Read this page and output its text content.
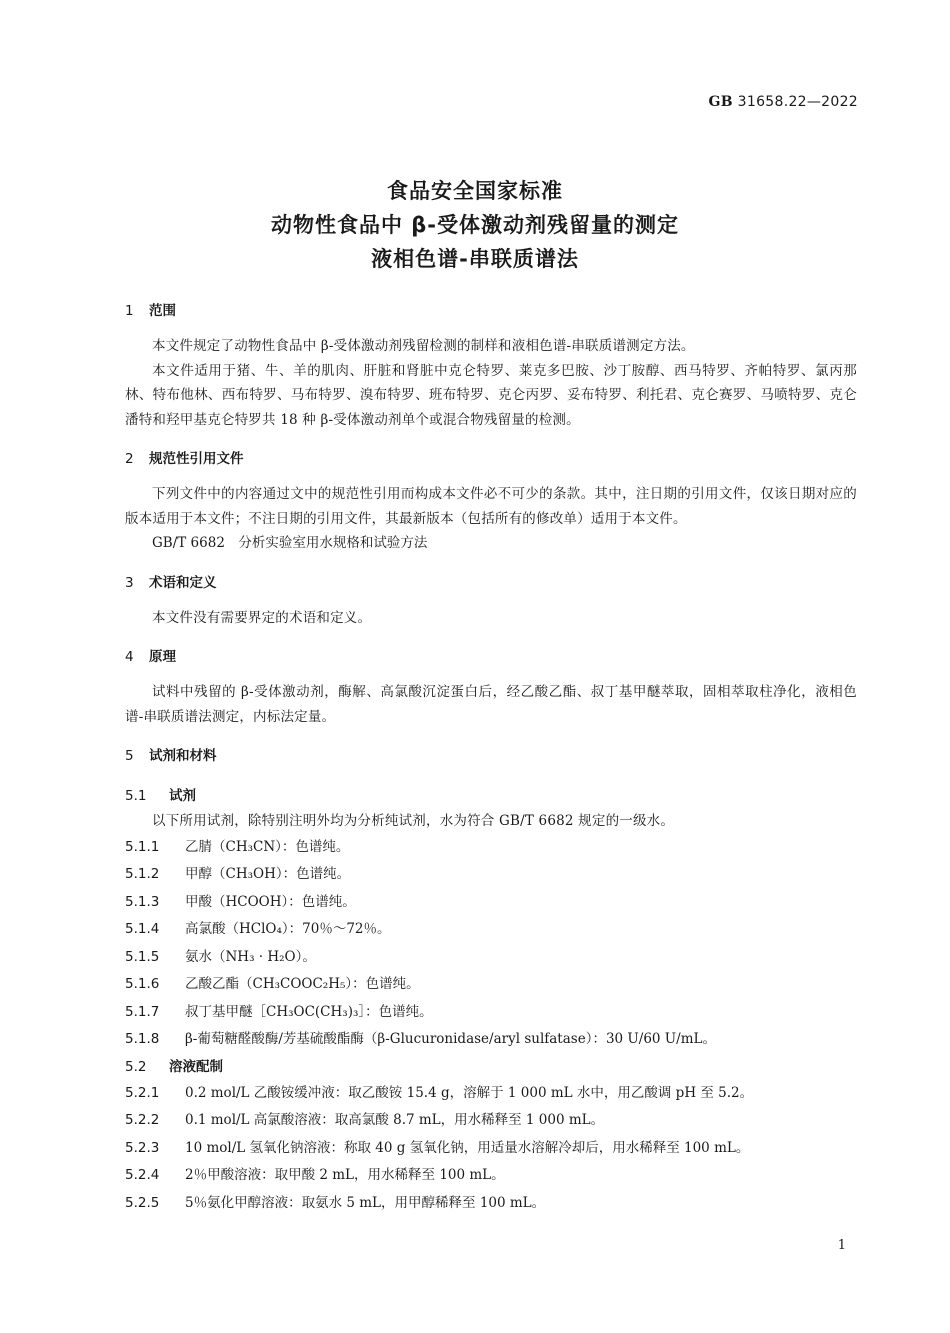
GB 31658.22—2022
食品安全国家标准
动物性食品中 β-受体激动剂残留量的测定
液相色谱-串联质谱法
1 范围

本文件规定了动物性食品中 β-受体激动剂残留检测的制样和液相色谱-串联质谱测定方法。

本文件适用于猪、牛、羊的肌肉、肝脏和肾脏中克仑特罗、莱克多巴胺、沙丁胺醇、西马特罗、齐帕特罗、氯丙那林、特布他林、西布特罗、马布特罗、溴布特罗、班布特罗、克仑丙罗、妥布特罗、利托君、克仑赛罗、马喷特罗、克仑潘特和羟甲基克仑特罗共 18 种 β-受体激动剂单个或混合物残留量的检测。

2 规范性引用文件

下列文件中的内容通过文中的规范性引用而构成本文件必不可少的条款。其中，注日期的引用文件，仅该日期对应的版本适用于本文件；不注日期的引用文件，其最新版本（包括所有的修改单）适用于本文件。

GB/T 6682　分析实验室用水规格和试验方法
3 术语和定义

本文件没有需要界定的术语和定义。

4 原理

试料中残留的 β-受体激动剂，酶解、高氯酸沉淀蛋白后，经乙酸乙酯、叔丁基甲醚萃取，固相萃取柱净化，液相色谱-串联质谱法测定，内标法定量。

5 试剂和材料
5.1 试剂

以下所用试剂，除特别注明外均为分析纯试剂，水为符合 GB/T 6682 规定的一级水。

5.1.1	乙腈（CH₃CN）：色谱纯。
5.1.2	甲醇（CH₃OH）：色谱纯。
5.1.3	甲酸（HCOOH）：色谱纯。
5.1.4	高氯酸（HClO₄）：70％～72％。
5.1.5	氨水（NH₃ · H₂O）。
5.1.6	乙酸乙酯（CH₃COOC₂H₅）：色谱纯。
5.1.7	叔丁基甲醚［CH₃OC(CH₃)₃］：色谱纯。
5.1.8	β-葡萄糖醛酸酶/芳基硫酸酯酶（β-Glucuronidase/aryl sulfatase）：30 U/60 U/mL。
5.2 溶液配制
5.2.1	0.2 mol/L 乙酸铵缓冲液：取乙酸铵 15.4 g，溶解于 1 000 mL 水中，用乙酸调 pH 至 5.2。
5.2.2	0.1 mol/L 高氯酸溶液：取高氯酸 8.7 mL，用水稀释至 1 000 mL。
5.2.3	10 mol/L 氢氧化钠溶液：称取 40 g 氢氧化钠，用适量水溶解冷却后，用水稀释至 100 mL。
5.2.4	2％甲酸溶液：取甲酸 2 mL，用水稀释至 100 mL。
5.2.5	5％氨化甲醇溶液：取氨水 5 mL，用甲醇稀释至 100 mL。
1
